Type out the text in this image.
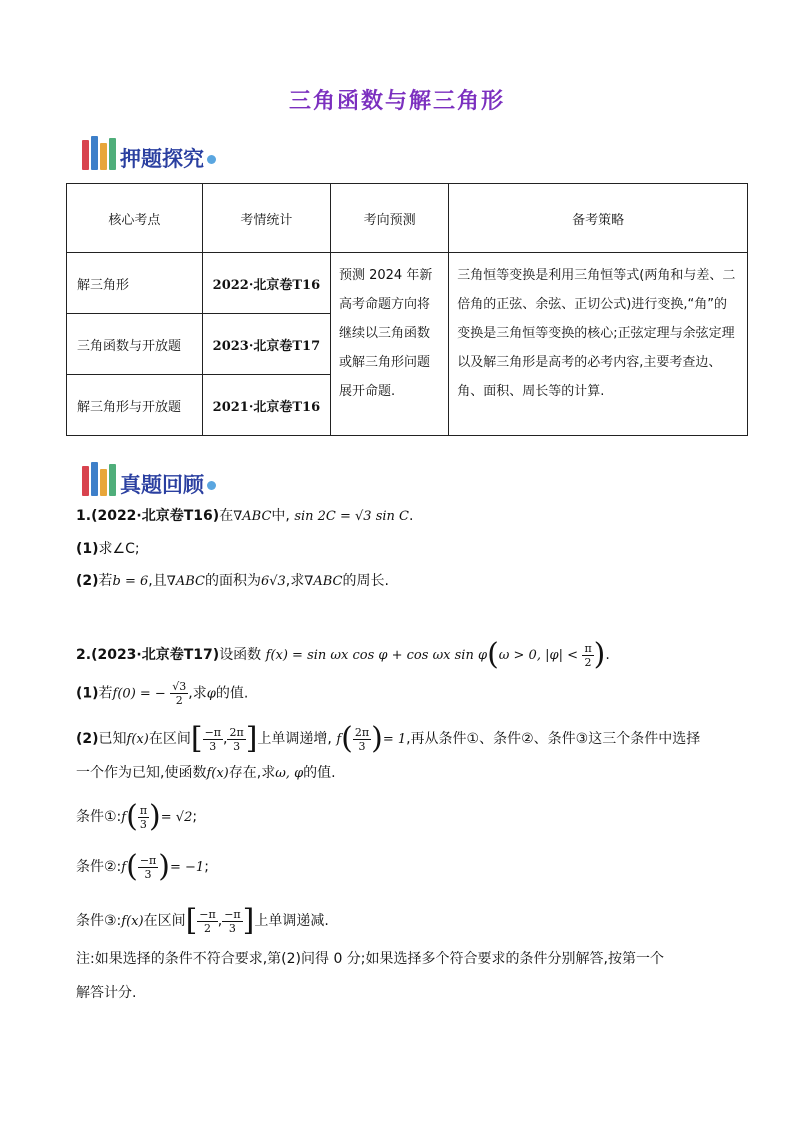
三角函数与解三角形
押题探究
核心考点	考情统计	考向预测	备考策略
解三角形	2022·北京卷T16	预测 2024 年新高考命题方向将继续以三角函数或解三角形问题展开命题.	三角恒等变换是利用三角恒等式(两角和与差、二倍角的正弦、余弦、正切公式)进行变换,“角”的变换是三角恒等变换的核心;正弦定理与余弦定理以及解三角形是高考的必考内容,主要考查边、角、面积、周长等的计算.
三角函数与开放题	2023·北京卷T17		
解三角形与开放题	2021·北京卷T16		
真题回顾
1.(2022·北京卷T16)在∇ABC中, sin 2C = √3 sin C.
(1)求∠C;
(2)若b = 6,且∇ABC的面积为6√3,求∇ABC的周长.
2.(2023·北京卷T17)设函数 f(x) = sin ωx cos φ + cos ωx sin φ(ω > 0, $|\varphi| < \frac{\pi}{2}$ ).
(1)若f(0) = − $\frac{√3}{2}$ ,求φ的值.
(2)已知f(x)在区间[ $\frac{-\pi}{3}$ , $\frac{2\pi}{3}$ ]上单调递增, $f( \frac{2\pi}{3}$ )= 1,再从条件①、条件②、条件③这三个条件中选择
一个作为已知,使函数f(x)存在,求ω, φ的值.
条件①:f( $\frac{\pi}{3}$ )= √2;
条件②:f( $\frac{-\pi}{3}$ )= −1;
条件③:f(x)在区间[ $\frac{-\pi}{2}$ , $\frac{-\pi}{3}$ ]上单调递减.
注:如果选择的条件不符合要求,第(2)问得 0 分;如果选择多个符合要求的条件分别解答,按第一个
解答计分.
